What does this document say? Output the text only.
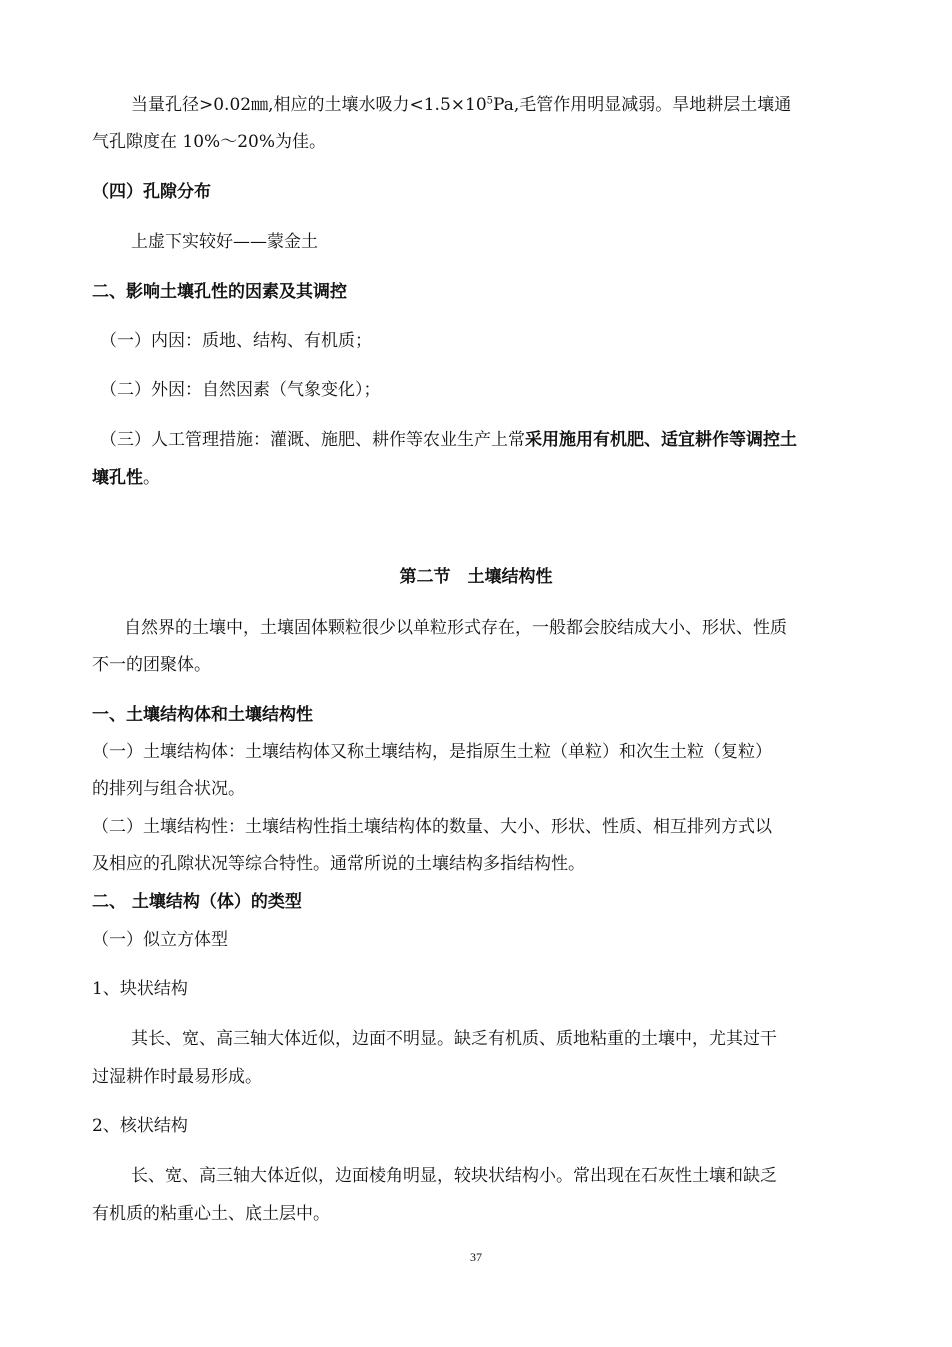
当量孔径>0.02㎜,相应的土壤水吸力$<1.5\times 10^5Pa$,毛管作用明显减弱。旱地耕层土壤通
气孔隙度在 10%～20%为佳。
（四）孔隙分布
上虚下实较好——蒙金土
二、影响土壤孔性的因素及其调控
（一）内因：质地、结构、有机质；
（二）外因：自然因素（气象变化）；
（三）人工管理措施：灌溉、施肥、耕作等农业生产上常采用施用有机肥、适宜耕作等调控土
壤孔性。
第二节　土壤结构性
自然界的土壤中，土壤固体颗粒很少以单粒形式存在，一般都会胶结成大小、形状、性质
不一的团聚体。
一、土壤结构体和土壤结构性
（一）土壤结构体：土壤结构体又称土壤结构，是指原生土粒（单粒）和次生土粒（复粒）
的排列与组合状况。
（二）土壤结构性：土壤结构性指土壤结构体的数量、大小、形状、性质、相互排列方式以
及相应的孔隙状况等综合特性。通常所说的土壤结构多指结构性。
二、 土壤结构（体）的类型
（一）似立方体型
1、块状结构
其长、宽、高三轴大体近似，边面不明显。缺乏有机质、质地粘重的土壤中，尤其过干
过湿耕作时最易形成。
2、核状结构
长、宽、高三轴大体近似，边面棱角明显，较块状结构小。常出现在石灰性土壤和缺乏
有机质的粘重心土、底土层中。
37
